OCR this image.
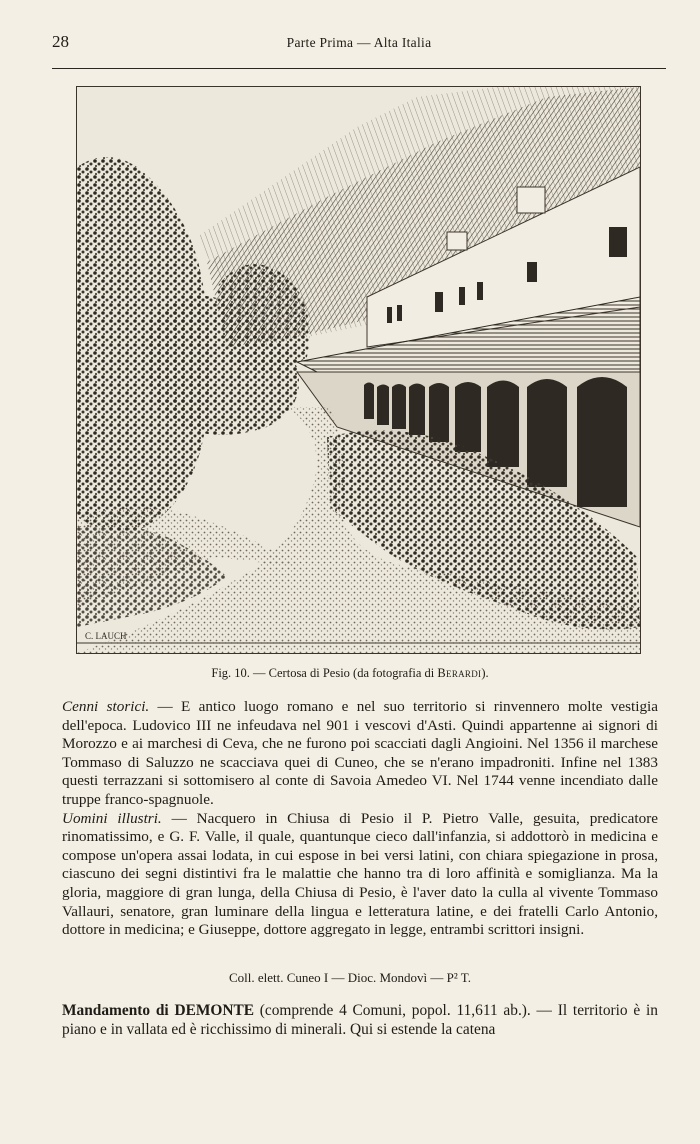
28	Parte Prima — Alta Italia
C. LAUCH
Fig. 10. — Certosa di Pesio (da fotografia di Berardi).

Cenni storici. — E antico luogo romano e nel suo territorio si rinvennero molte vestigia dell'epoca. Ludovico III ne infeudava nel 901 i vescovi d'Asti. Quindi appartenne ai signori di Morozzo e ai marchesi di Ceva, che ne furono poi scacciati dagli Angioini. Nel 1356 il marchese Tommaso di Saluzzo ne scacciava quei di Cuneo, che se n'erano impadroniti. Infine nel 1383 questi terrazzani si sottomisero al conte di Savoia Amedeo VI. Nel 1744 venne incendiato dalle truppe franco-spagnuole.

Uomini illustri. — Nacquero in Chiusa di Pesio il P. Pietro Valle, gesuita, predicatore rinomatissimo, e G. F. Valle, il quale, quantunque cieco dall'infanzia, si addottorò in medicina e compose un'opera assai lodata, in cui espose in bei versi latini, con chiara spiegazione in prosa, ciascuno dei segni distintivi fra le malattie che hanno tra di loro affinità e somiglianza. Ma la gloria, maggiore di gran lunga, della Chiusa di Pesio, è l'aver dato la culla al vivente Tommaso Vallauri, senatore, gran luminare della lingua e letteratura latine, e dei fratelli Carlo Antonio, dottore in medicina; e Giuseppe, dottore aggregato in legge, entrambi scrittori insigni.

Coll. elett. Cuneo I — Dioc. Mondovì — P² T.
Mandamento di DEMONTE (comprende 4 Comuni, popol. 11,611 ab.). — Il territorio è in piano e in vallata ed è ricchissimo di minerali. Qui si estende la catena
